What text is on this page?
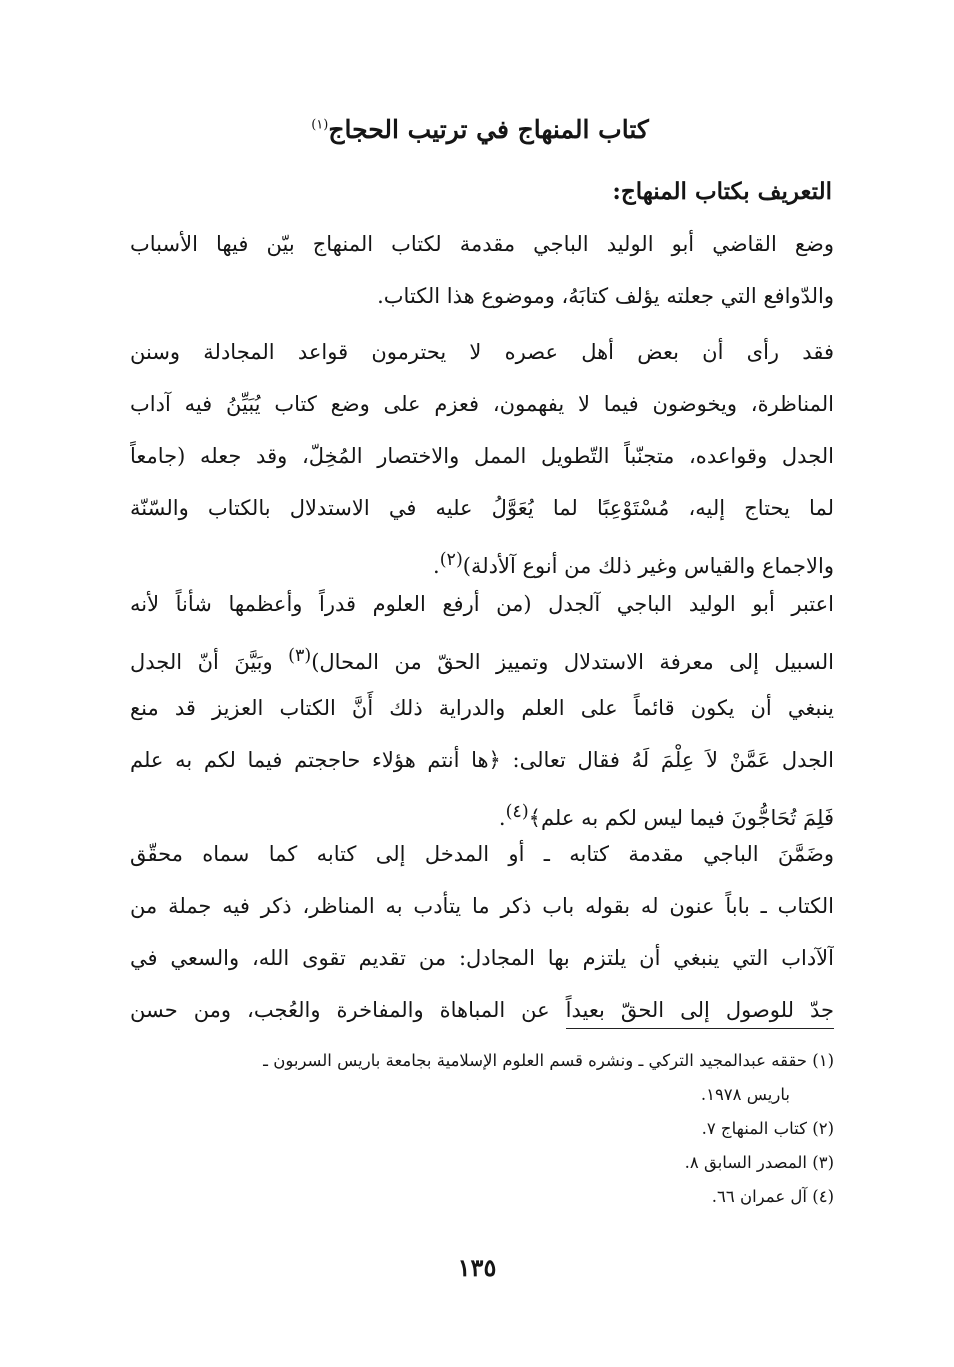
كتاب المنهاج في ترتيب الحجاج$^{(١)}$
التعريف بكتاب المنهاج:
وضع القاضي أبو الوليد الباجي مقدمة لكتاب المنهاج بيّن فيها الأسباب
والدّوافع التي جعلته يؤلف كتابَهُ، وموضوع هذا الكتاب.
فقد رأى أن بعض أهل عصره لا يحترمون قواعد المجادلة وسنن
المناظرة، ويخوضون فيما لا يفهمون، فعزم على وضع كتاب يُبَيِّنُ فيه آداب
الجدل وقواعده، متجنّباً التّطويل الممل والاختصار المُخِلّ، وقد جعله (جامعاً
لما يحتاج إليه، مُسْتَوْعِبًا لما يُعَوَّلُ عليه في الاستدلال بالكتاب والسّنّة
والاجماع والقياس وغير ذلك من أنوع آلأدلة)$^{(٢)}$.
اعتبر أبو الوليد الباجي آلجدل (من أرفع العلوم قدراً وأعظمها شأناً لأنه
السبيل إلى معرفة الاستدلال وتمييز الحقّ من المحال)$^{(٣)}$ وبَيَّنَ أنّ الجدل
ينبغي أن يكون قائماً على العلم والدراية ذلك أَنَّ الكتاب العزيز قد منع
الجدل عَمَّنْ لاَ عِلْمَ لَهُ فقال تعالى: ﴿ها أنتم هؤلاء حاججتم فيما لكم به علم
فَلِمَ تُحَاجُّونَ فيما ليس لكم به علم﴾$^{(٤)}$.
وضَمَّنَ الباجي مقدمة كتابه ـ أو المدخل إلى كتابه كما سماه محقّق
الكتاب ـ باباً عنون له بقوله باب ذكر ما يتأدب به المناظر، ذكر فيه جملة من
آلآداب التي ينبغي أن يلتزم بها المجادل: من تقديم تقوى الله، والسعي في
جدّ للوصول إلى الحقّ بعيداً عن المباهاة والمفاخرة والعُجب، ومن حسن
(١) حققه عبدالمجيد التركي ـ ونشره قسم العلوم الإسلامية بجامعة باريس السربون ـ
باريس ١٩٧٨.
(٢) كتاب المنهاج ٧.
(٣) المصدر السابق ٨.
(٤) آل عمران ٦٦.
١٣٥
